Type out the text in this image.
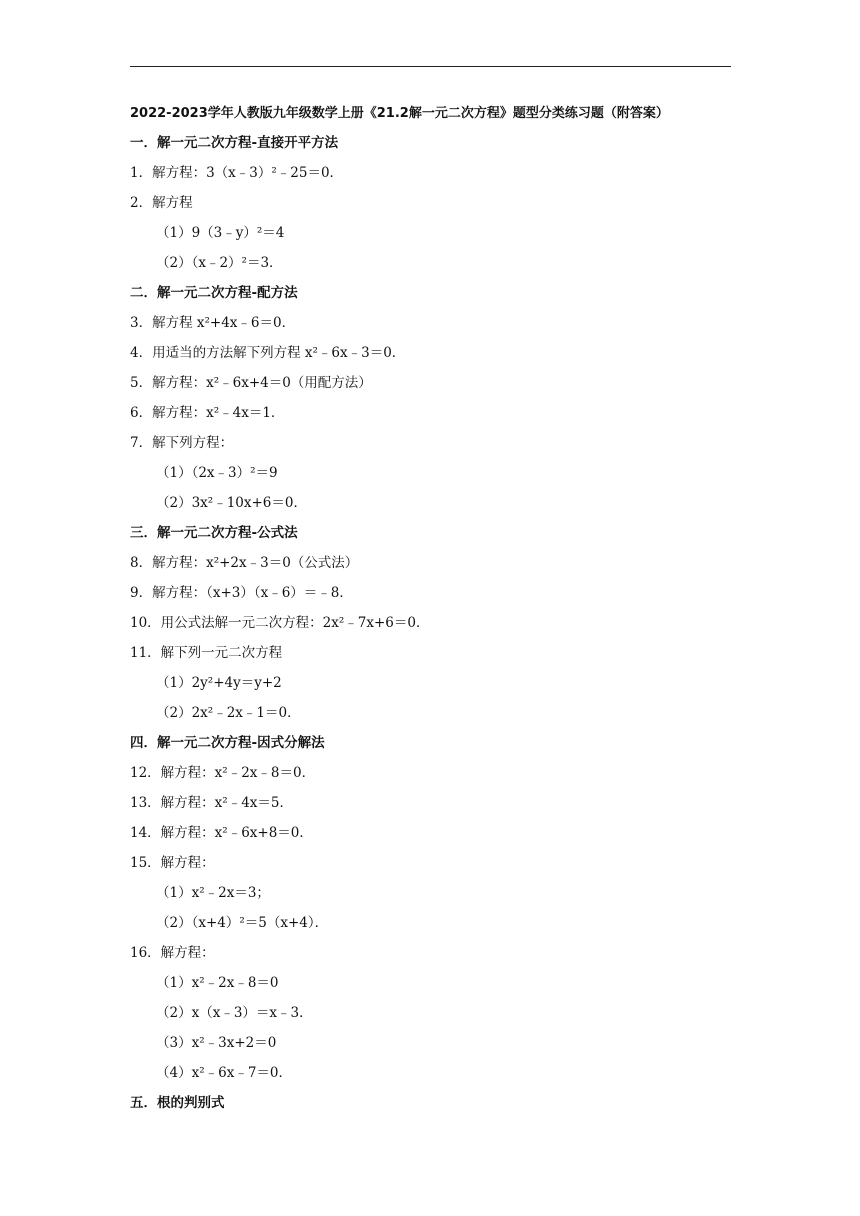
2022-2023学年人教版九年级数学上册《21.2解一元二次方程》题型分类练习题（附答案）
一．解一元二次方程-直接开平方法
1．解方程：3（x﹣3）²﹣25＝0．
2．解方程
（1）9（3﹣y）²＝4
（2）（x﹣2）²＝3．
二．解一元二次方程-配方法
3．解方程 x²+4x﹣6＝0．
4．用适当的方法解下列方程 x²﹣6x﹣3＝0．
5．解方程：x²﹣6x+4＝0（用配方法）
6．解方程：x²﹣4x＝1．
7．解下列方程：
（1）（2x﹣3）²＝9
（2）3x²﹣10x+6＝0．
三．解一元二次方程-公式法
8．解方程：x²+2x﹣3＝0（公式法）
9．解方程：（x+3）（x﹣6）＝﹣8．
10．用公式法解一元二次方程：2x²﹣7x+6＝0．
11．解下列一元二次方程
（1）2y²+4y＝y+2
（2）2x²﹣2x﹣1＝0．
四．解一元二次方程-因式分解法
12．解方程：x²﹣2x﹣8＝0．
13．解方程：x²﹣4x＝5．
14．解方程：x²﹣6x+8＝0．
15．解方程：
（1）x²﹣2x＝3；
（2）（x+4）²＝5（x+4）．
16．解方程：
（1）x²﹣2x﹣8＝0
（2）x（x﹣3）＝x﹣3．
（3）x²﹣3x+2＝0
（4）x²﹣6x﹣7＝0．
五．根的判别式
